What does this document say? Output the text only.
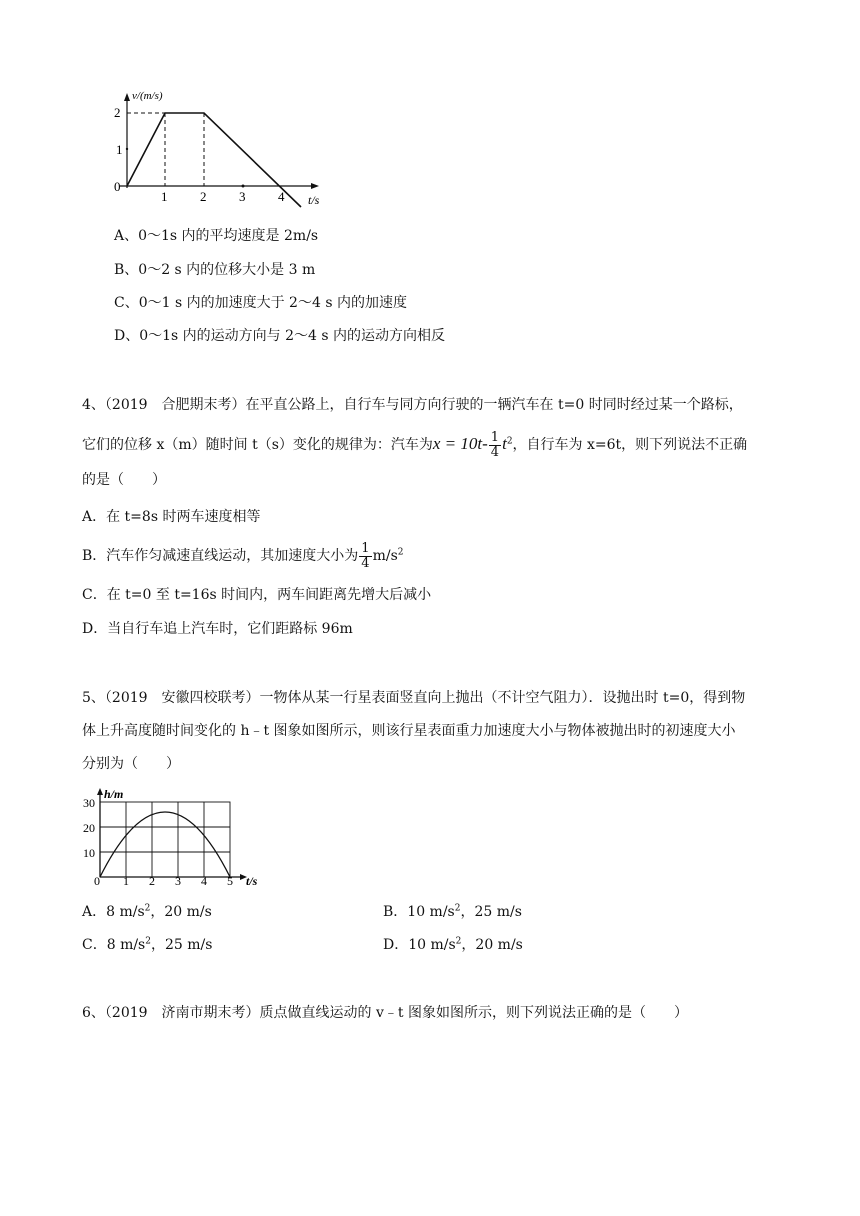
v/(m/s)
2
1
0
1	2	3	4 t/s
A、0～1s 内的平均速度是 2m/s
B、0～2 s 内的位移大小是 3 m
C、0～1 s 内的加速度大于 2～4 s 内的加速度
D、0～1s 内的运动方向与 2～4 s 内的运动方向相反
4、（2019　合肥期末考）在平直公路上，自行车与同方向行驶的一辆汽车在 t=0 时同时经过某一个路标，
它们的位移 x（m）随时间 t（s）变化的规律为：汽车为$x = 10t- \frac{1}{4} t^2$，自行车为 x=6t，则下列说法不正确
的是（　　）
A．在 t=8s 时两车速度相等
B．汽车作匀减速直线运动，其加速度大小为 $\frac{1}{4} m/s^2$
C．在 t=0 至 t=16s 时间内，两车间距离先增大后减小
D．当自行车追上汽车时，它们距路标 96m
5、（2019　安徽四校联考）一物体从某一行星表面竖直向上抛出（不计空气阻力）．设抛出时 t=0，得到物
体上升高度随时间变化的 h﹣t 图象如图所示，则该行星表面重力加速度大小与物体被抛出时的初速度大小
分别为（　　）
h/m
30
20
10
0 1 2 3 4 5 t/s
A．8 $m/s^2$，20 m/s	B．10 $m/s^2$，25 m/s
C．8 $m/s^2$，25 m/s	D．10 $m/s^2$，20 m/s
6、（2019　济南市期末考）质点做直线运动的 v﹣t 图象如图所示，则下列说法正确的是（　　）
